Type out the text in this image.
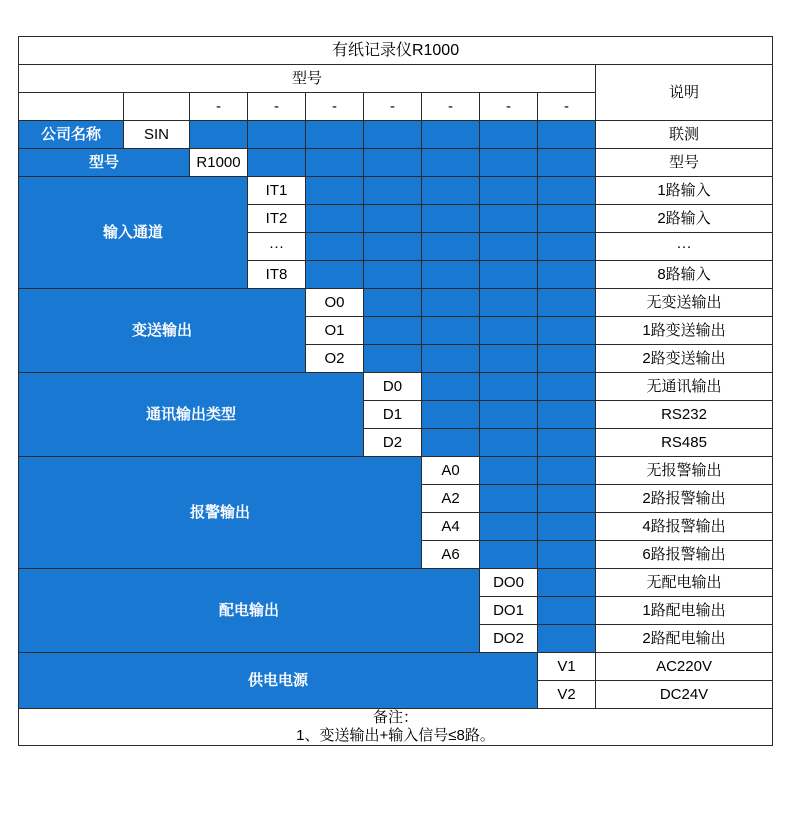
有纸记录仪R1000									
型号									说明
		-	-	-	-	-	-	-	
公司名称	SIN								联测
型号		R1000							型号
输入通道			IT1						1路输入
			IT2						2路输入
			···						···
			IT8						8路输入
变送输出				O0					无变送输出
				O1					1路变送输出
				O2					2路变送输出
通讯输出类型					D0				无通讯输出
					D1				RS232
					D2				RS485
报警输出						A0			无报警输出
						A2			2路报警输出
						A4			4路报警输出
						A6			6路报警输出
配电输出							DO0		无配电输出
							DO1		1路配电输出
							DO2		2路配电输出
供电电源								V1	AC220V
								V2	DC24V

备注：
1、变送输出+输入信号≤8路。									
